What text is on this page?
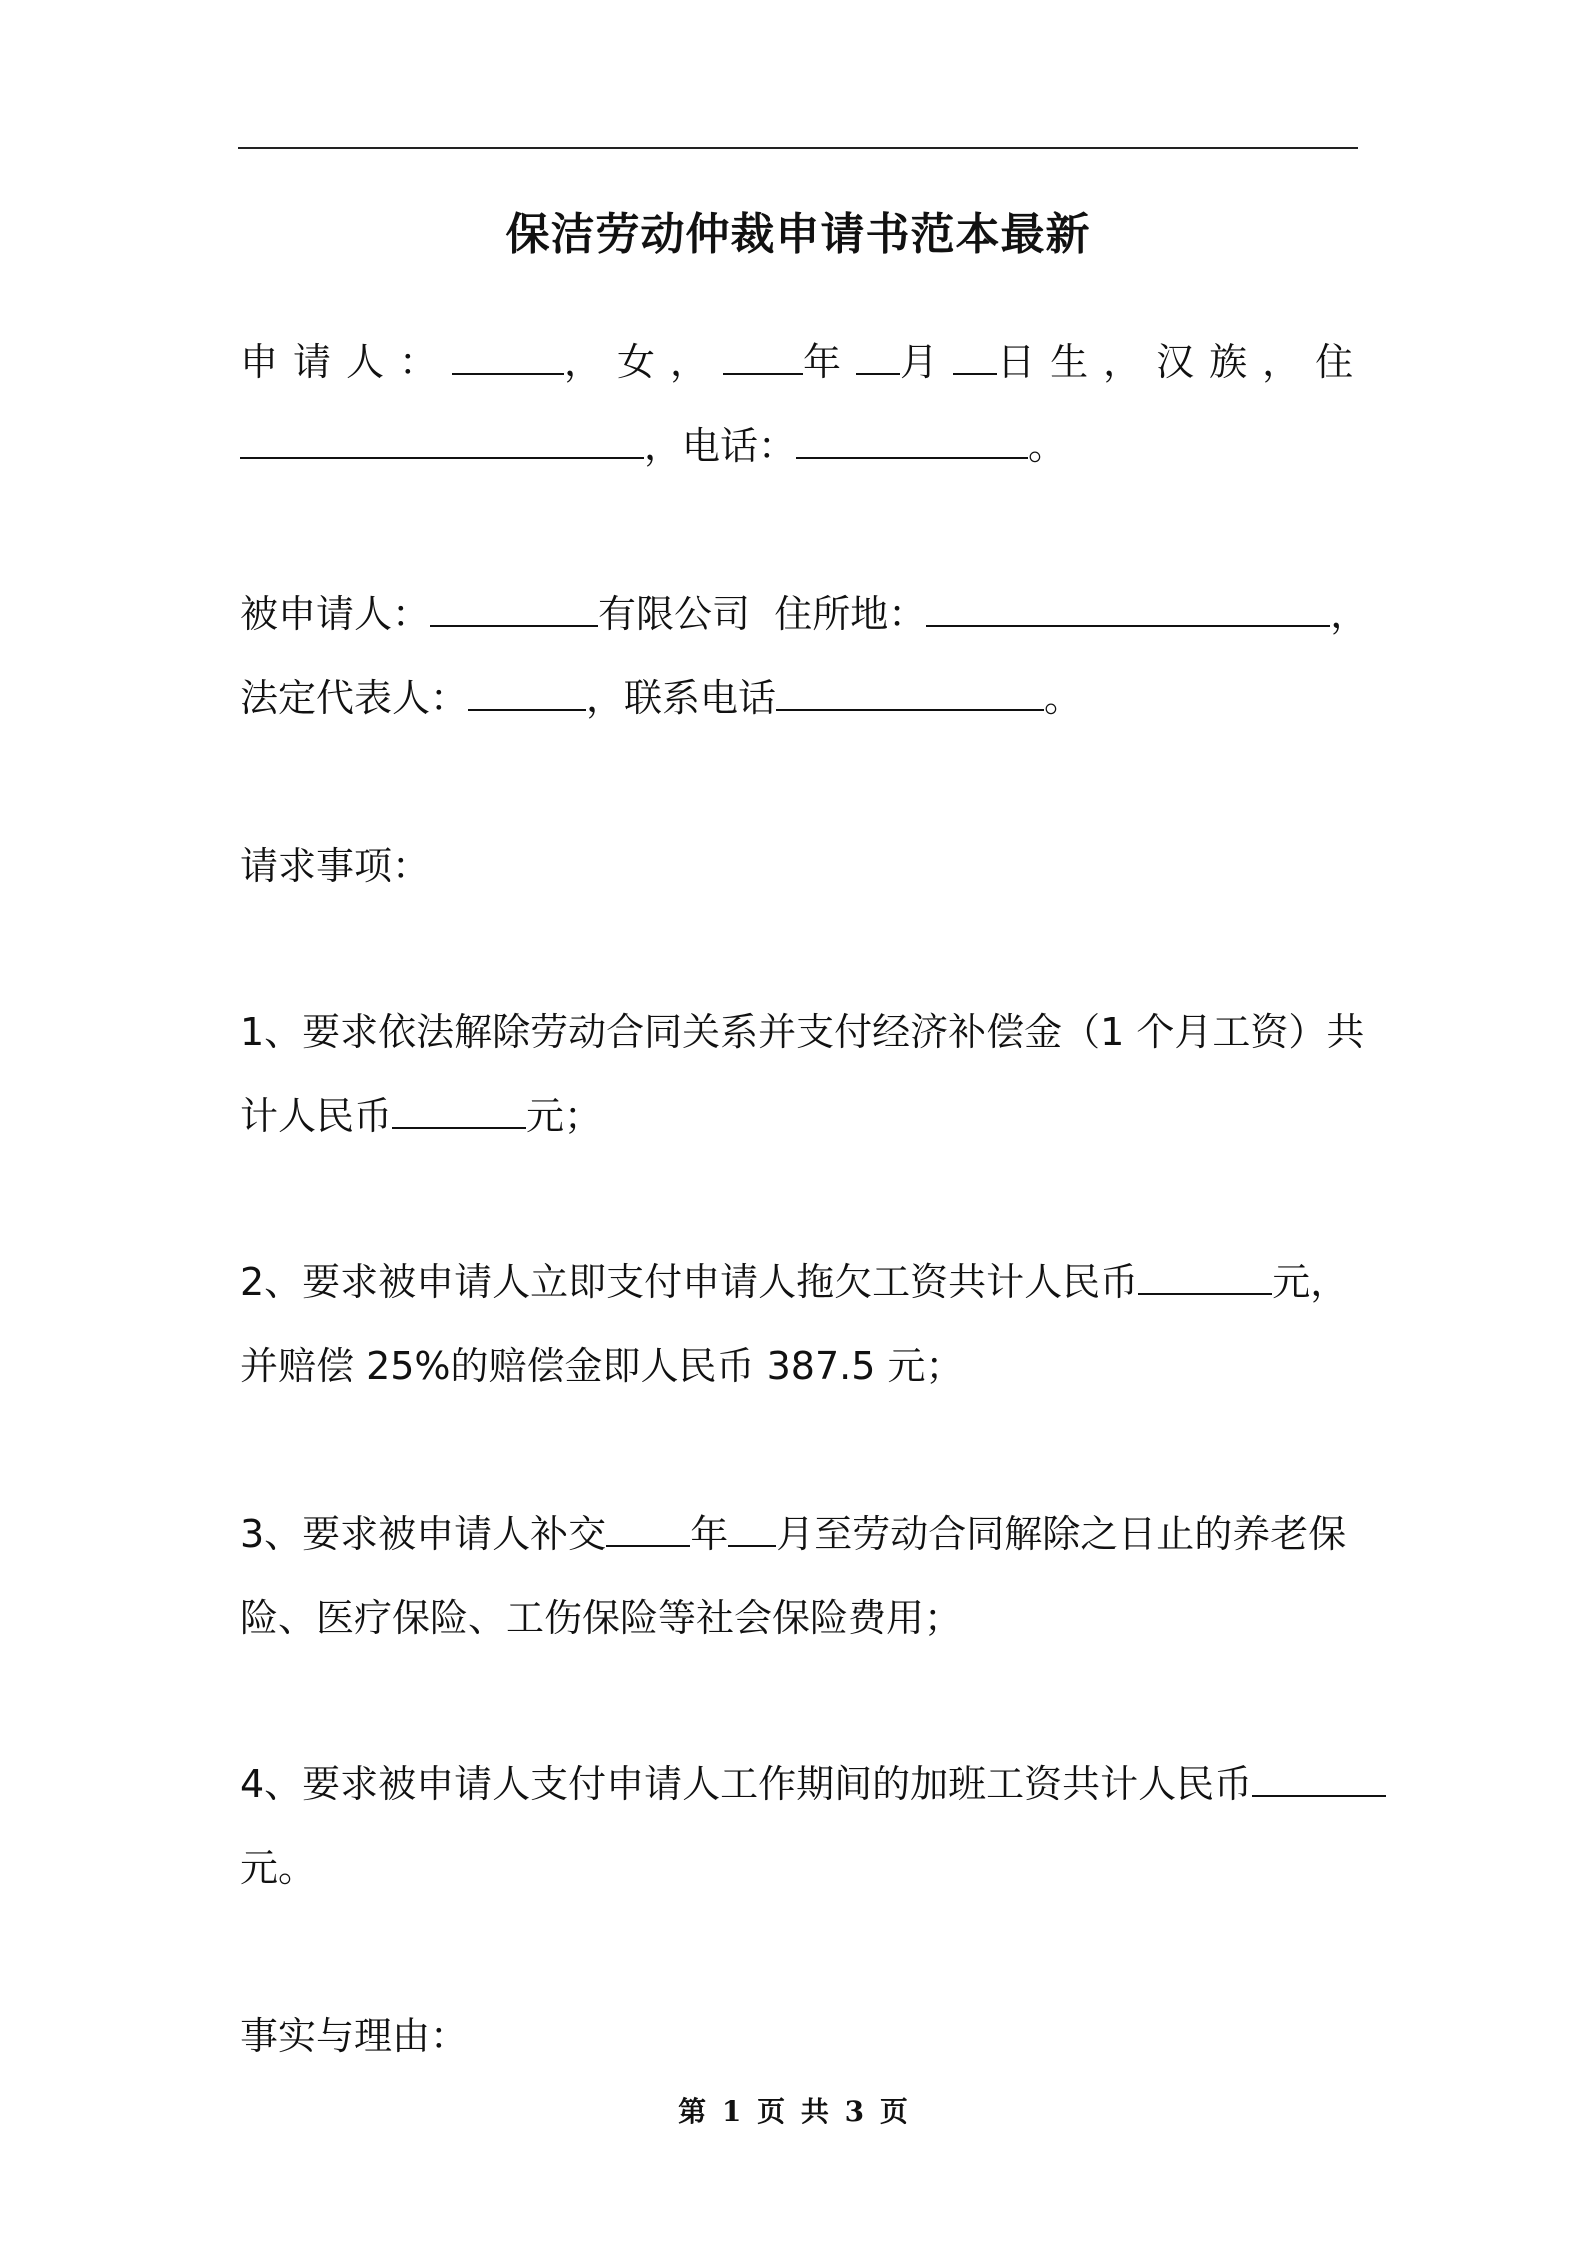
保洁劳动仲裁申请书范本最新
申请人：	，女， 年 月 日生，汉族，住
，电话：	。
被申请人：	有限公司 住所地：	，
法定代表人：	，联系电话	。
请求事项：
1、要求依法解除劳动合同关系并支付经济补偿金（1 个月工资）共
计人民币	元；
2、要求被申请人立即支付申请人拖欠工资共计人民币	元，
并赔偿 25%的赔偿金即人民币 387.5 元；
3、要求被申请人补交 年 月至劳动合同解除之日止的养老保
险、医疗保险、工伤保险等社会保险费用；
4、要求被申请人支付申请人工作期间的加班工资共计人民币
元。
事实与理由：
第 1 页 共 3 页
